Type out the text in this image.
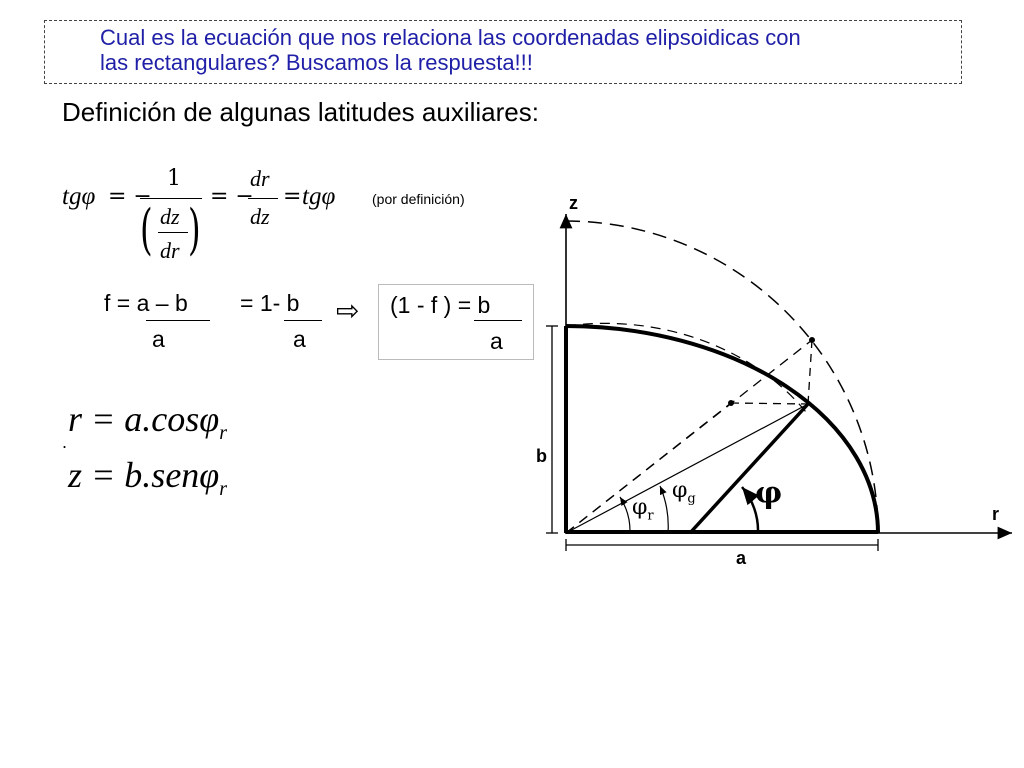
Cual es la ecuación que nos relaciona las coordenadas elipsoidicas con
las rectangulares? Buscamos la respuesta!!!
Definición de algunas latitudes auxiliares:
tgφ = −
1
( dz
dr )
= −
dr
dz
= tgφ	(por definición)
f = a – b
a
= 1- b
a
⇨ (1 - f ) = b
a
r = a.cosφ$_r$
.
z = b.senφ$_r$
z
r
b
a
$\varphi_r$
$\varphi_g$ φ
